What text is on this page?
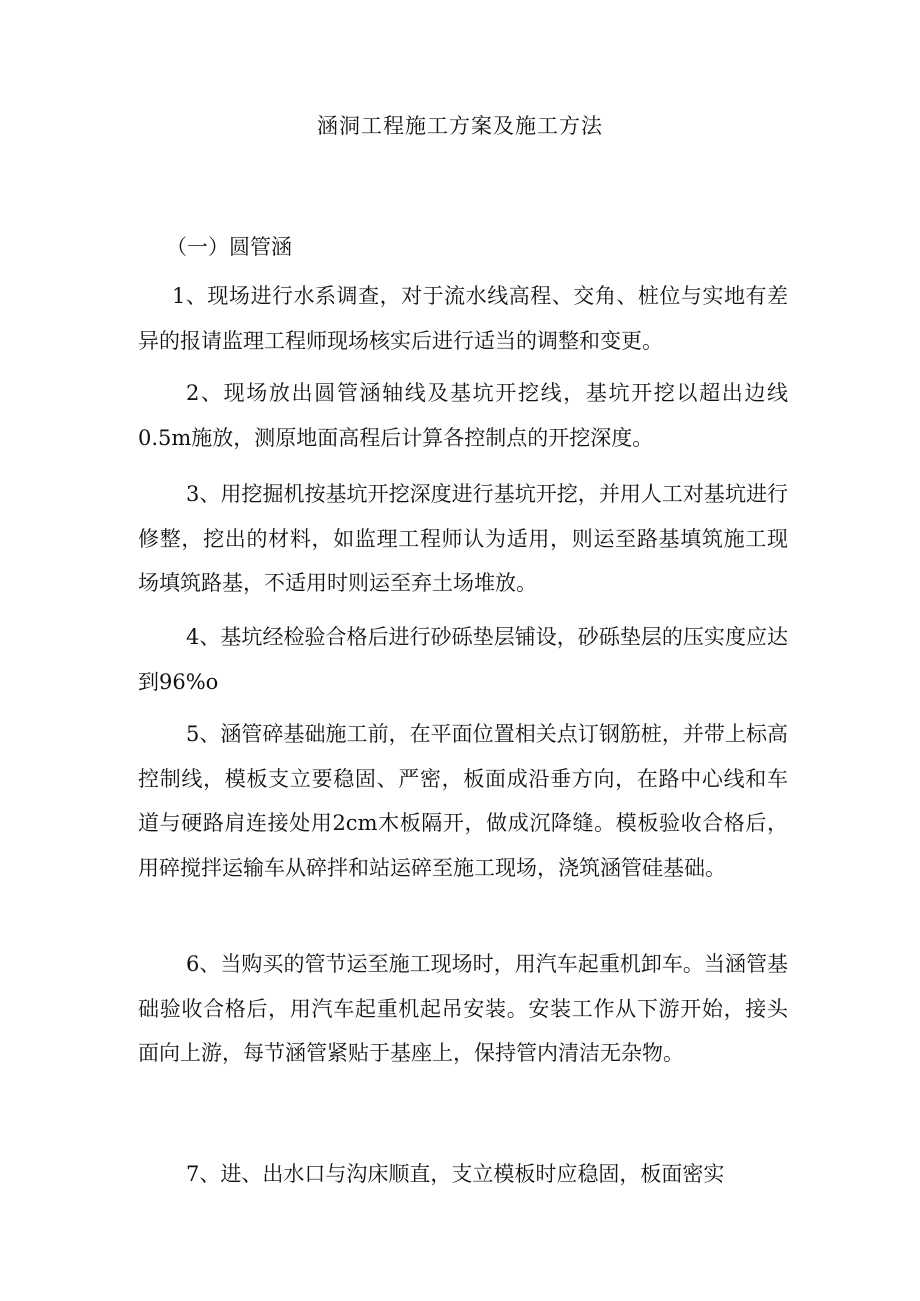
涵洞工程施工方案及施工方法

（一）圆管涵

1、现场进行水系调查，对于流水线高程、交角、桩位与实地有差异的报请监理工程师现场核实后进行适当的调整和变更。

2、现场放出圆管涵轴线及基坑开挖线，基坑开挖以超出边线0.5m施放，测原地面高程后计算各控制点的开挖深度。

3、用挖掘机按基坑开挖深度进行基坑开挖，并用人工对基坑进行修整，挖出的材料，如监理工程师认为适用，则运至路基填筑施工现场填筑路基，不适用时则运至弃土场堆放。

4、基坑经检验合格后进行砂砾垫层铺设，砂砾垫层的压实度应达到96%o

5、涵管碎基础施工前，在平面位置相关点订钢筋桩，并带上标高控制线，模板支立要稳固、严密，板面成沿垂方向，在路中心线和车道与硬路肩连接处用2cm木板隔开，做成沉降缝。模板验收合格后，用碎搅拌运输车从碎拌和站运碎至施工现场，浇筑涵管硅基础。

6、当购买的管节运至施工现场时，用汽车起重机卸车。当涵管基础验收合格后，用汽车起重机起吊安装。安装工作从下游开始，接头面向上游，每节涵管紧贴于基座上，保持管内清洁无杂物。

7、进、出水口与沟床顺直，支立模板时应稳固，板面密实
